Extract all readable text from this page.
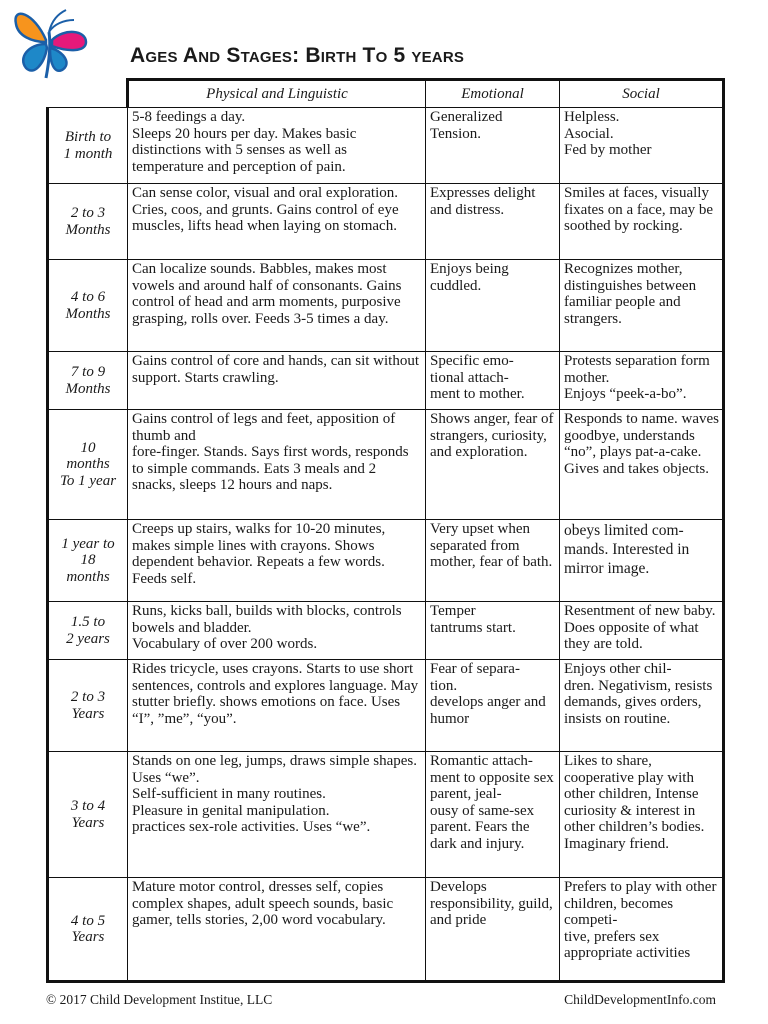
Ages And Stages: Birth To 5 years
	Physical and Linguistic	Emotional	Social

Birth to
1 month	5-8 feedings a day.
Sleeps 20 hours per day. Makes basic distinctions with 5 senses as well as temperature and perception of pain.	Generalized Tension.	Helpless.
Asocial.
Fed by mother

2 to 3
Months	Can sense color, visual and oral exploration. Cries, coos, and grunts. Gains control of eye muscles, lifts head when laying on stomach.	Expresses delight and distress.	Smiles at faces, visually fixates on a face, may be soothed by rocking.

4 to 6
Months	Can localize sounds. Babbles, makes most vowels and around half of consonants. Gains control of head and arm moments, purposive grasping, rolls over. Feeds 3-5 times a day.	Enjoys being cuddled.	Recognizes mother, distinguishes between familiar people and strangers.

7 to 9
Months	Gains control of core and hands, can sit without support. Starts crawling.	Specific emo-
tional attach-
ment to mother.	Protests separation form mother.
Enjoys “peek-a-bo”.

10
months
To 1 year	Gains control of legs and feet, apposition of thumb and
fore-finger. Stands. Says first words, responds to simple commands. Eats 3 meals and 2 snacks, sleeps 12 hours and naps.	Shows anger, fear of strangers, curiosity, and exploration.	Responds to name. waves goodbye, understands “no”, plays pat-a-cake. Gives and takes objects.

1 year to
18
months	Creeps up stairs, walks for 10-20 minutes, makes simple lines with crayons. Shows dependent behavior. Repeats a few words. Feeds self.	Very upset when separated from mother, fear of bath.	obeys limited com-
mands. Interested in mirror image.

1.5 to
2 years	Runs, kicks ball, builds with blocks, controls bowels and bladder.
Vocabulary of over 200 words.	Temper
tantrums start.	Resentment of new baby. Does opposite of what they are told.

2 to 3
Years	Rides tricycle, uses crayons. Starts to use short sentences, controls and explores language. May stutter briefly. shows emotions on face. Uses “I”, ”me”, “you”.	Fear of separa-
tion.
develops anger and humor	Enjoys other chil-
dren. Negativism, resists demands, gives orders, insists on routine.

3 to 4
Years	Stands on one leg, jumps, draws simple shapes. Uses “we”.
Self-sufficient in many routines.
Pleasure in genital manipulation.
practices sex-role activities. Uses “we”.	Romantic attach-
ment to opposite sex parent, jeal-
ousy of same-sex parent. Fears the dark and injury.	Likes to share, cooperative play with other children, Intense curiosity & interest in other children’s bodies. Imaginary friend.

4 to 5
Years	Mature motor control, dresses self, copies complex shapes, adult speech sounds, basic gamer, tells stories, 2,00 word vocabulary.	Develops responsibility, guild, and pride	Prefers to play with other children, becomes competi-
tive, prefers sex appropriate activities
© 2017 Child Development Institue, LLC	ChildDevelopmentInfo.com
